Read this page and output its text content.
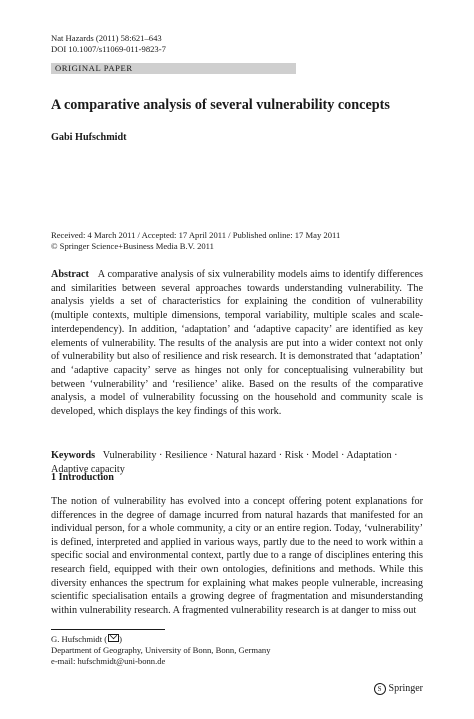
Nat Hazards (2011) 58:621–643
DOI 10.1007/s11069-011-9823-7
ORIGINAL PAPER
A comparative analysis of several vulnerability concepts
Gabi Hufschmidt
Received: 4 March 2011 / Accepted: 17 April 2011 / Published online: 17 May 2011
© Springer Science+Business Media B.V. 2011

Abstract A comparative analysis of six vulnerability models aims to identify differences and similarities between several approaches towards understanding vulnerability. The analysis yields a set of characteristics for explaining the condition of vulnerability (multiple contexts, multiple dimensions, temporal variability, multiple scales and scale-interdependency). In addition, ‘adaptation’ and ‘adaptive capacity’ are identified as key elements of vulnerability. The results of the analysis are put into a wider context not only of vulnerability but also of resilience and risk research. It is demonstrated that ‘adaptation’ and ‘adaptive capacity’ serve as hinges not only for conceptualising vulnerability but between ‘vulnerability’ and ‘resilience’ alike. Based on the results of the comparative analysis, a model of vulnerability focussing on the household and community scale is developed, which displays the key findings of this work.

Keywords Vulnerability · Resilience · Natural hazard · Risk · Model · Adaptation · Adaptive capacity

1 Introduction

The notion of vulnerability has evolved into a concept offering potent explanations for differences in the degree of damage incurred from natural hazards that manifested for an individual person, for a whole community, a city or an entire region. Today, ‘vulnerability’ is defined, interpreted and applied in various ways, partly due to the need to work within a specific social and environmental context, partly due to a range of disciplines entering this research field, equipped with their own ontologies, definitions and methods. While this diversity enhances the spectrum for explaining what makes people vulnerable, increasing scientific specialisation entails a growing degree of fragmentation and misunderstanding within vulnerability research. A fragmented vulnerability research is at danger to miss out

G. Hufschmidt ( )
Department of Geography, University of Bonn, Bonn, Germany
e-mail: hufschmidt@uni-bonn.de
S Springer
